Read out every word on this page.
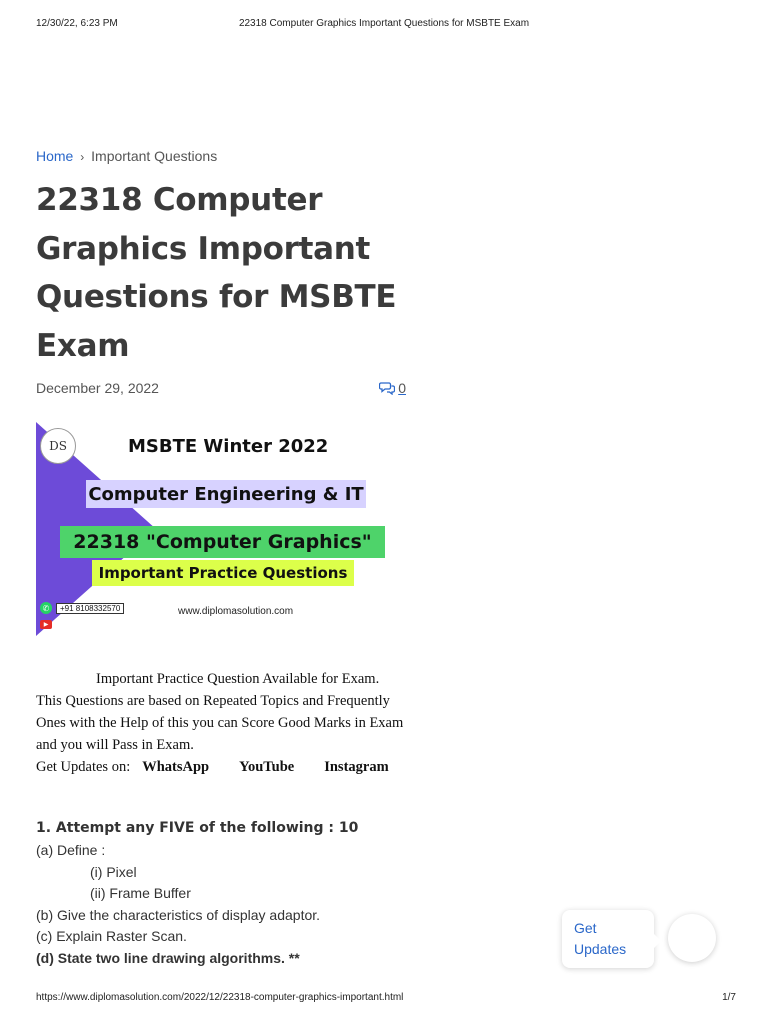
12/30/22, 6:23 PM	22318 Computer Graphics Important Questions for MSBTE Exam
Home › Important Questions
22318 Computer Graphics Important Questions for MSBTE Exam
December 29, 2022	0
DS	MSBTE Winter 2022
Computer Engineering & IT
22318 "Computer Graphics"
Important Practice Questions
✆	+91 8108332570
▶	MSBTE Diploma Solution
www.diplomasolution.com

Important Practice Question Available for Exam.

This Questions are based on Repeated Topics and Frequently Ones with the Help of this you can Score Good Marks in Exam and you will Pass in Exam.

Get Updates on: WhatsApp YouTube Instagram

1. Attempt any FIVE of the following : 10

(a) Define :

(i) Pixel

(ii) Frame Buffer

(b) Give the characteristics of display adaptor.

(c) Explain Raster Scan.

(d) State two line drawing algorithms. **

Get
Updates
https://www.diplomasolution.com/2022/12/22318-computer-graphics-important.html	1/7
